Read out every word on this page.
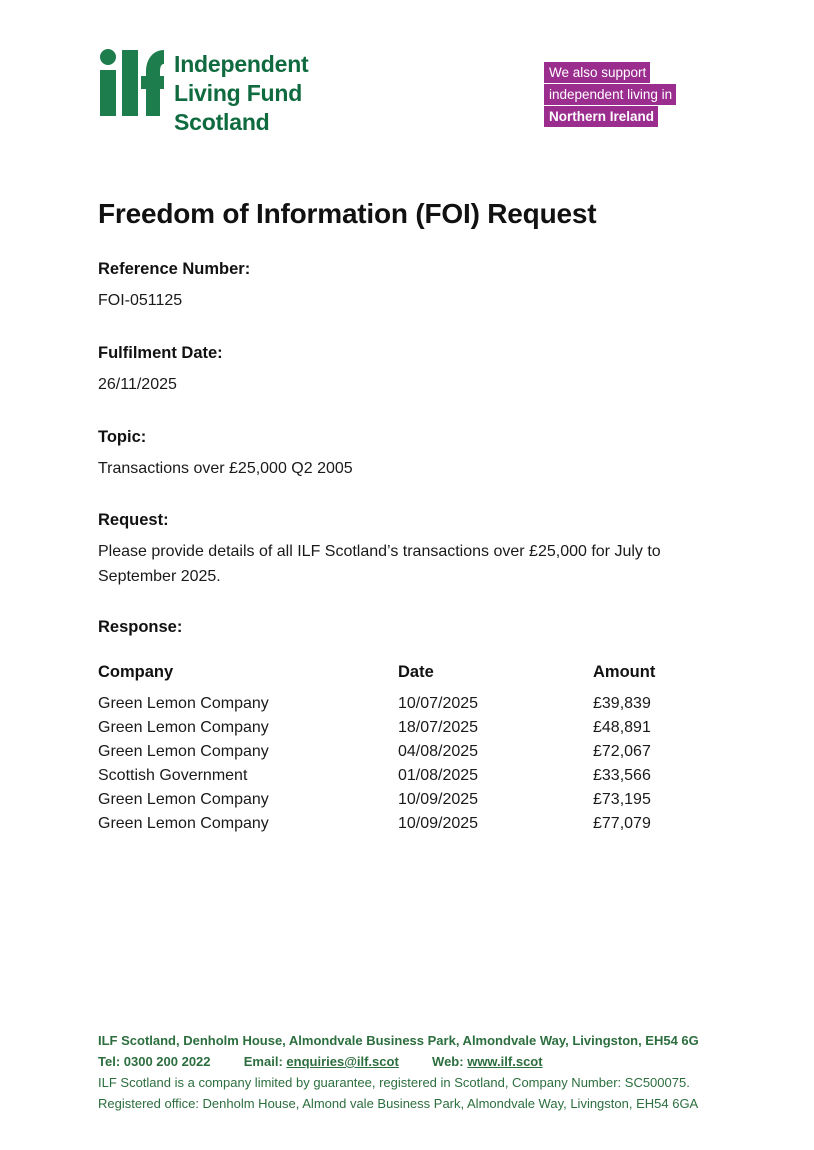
Independent
Living Fund
Scotland
We also support
independent living in
Northern Ireland
Freedom of Information (FOI) Request

Reference Number:

FOI-051125

Fulfilment Date:

26/11/2025

Topic:

Transactions over £25,000 Q2 2005

Request:

Please provide details of all ILF Scotland’s transactions over £25,000 for July to September 2025.

Response:

Company	Date	Amount
Green Lemon Company	10/07/2025	£39,839
Green Lemon Company	18/07/2025	£48,891
Green Lemon Company	04/08/2025	£72,067
Scottish Government	01/08/2025	£33,566
Green Lemon Company	10/09/2025	£73,195
Green Lemon Company	10/09/2025	£77,079
ILF Scotland, Denholm House, Almondvale Business Park, Almondvale Way, Livingston, EH54 6G
Tel: 0300 200 2022	Email: enquiries@ilf.scot	Web: www.ilf.scot
ILF Scotland is a company limited by guarantee, registered in Scotland, Company Number: SC500075.
Registered office: Denholm House, Almond vale Business Park, Almondvale Way, Livingston, EH54 6GA
